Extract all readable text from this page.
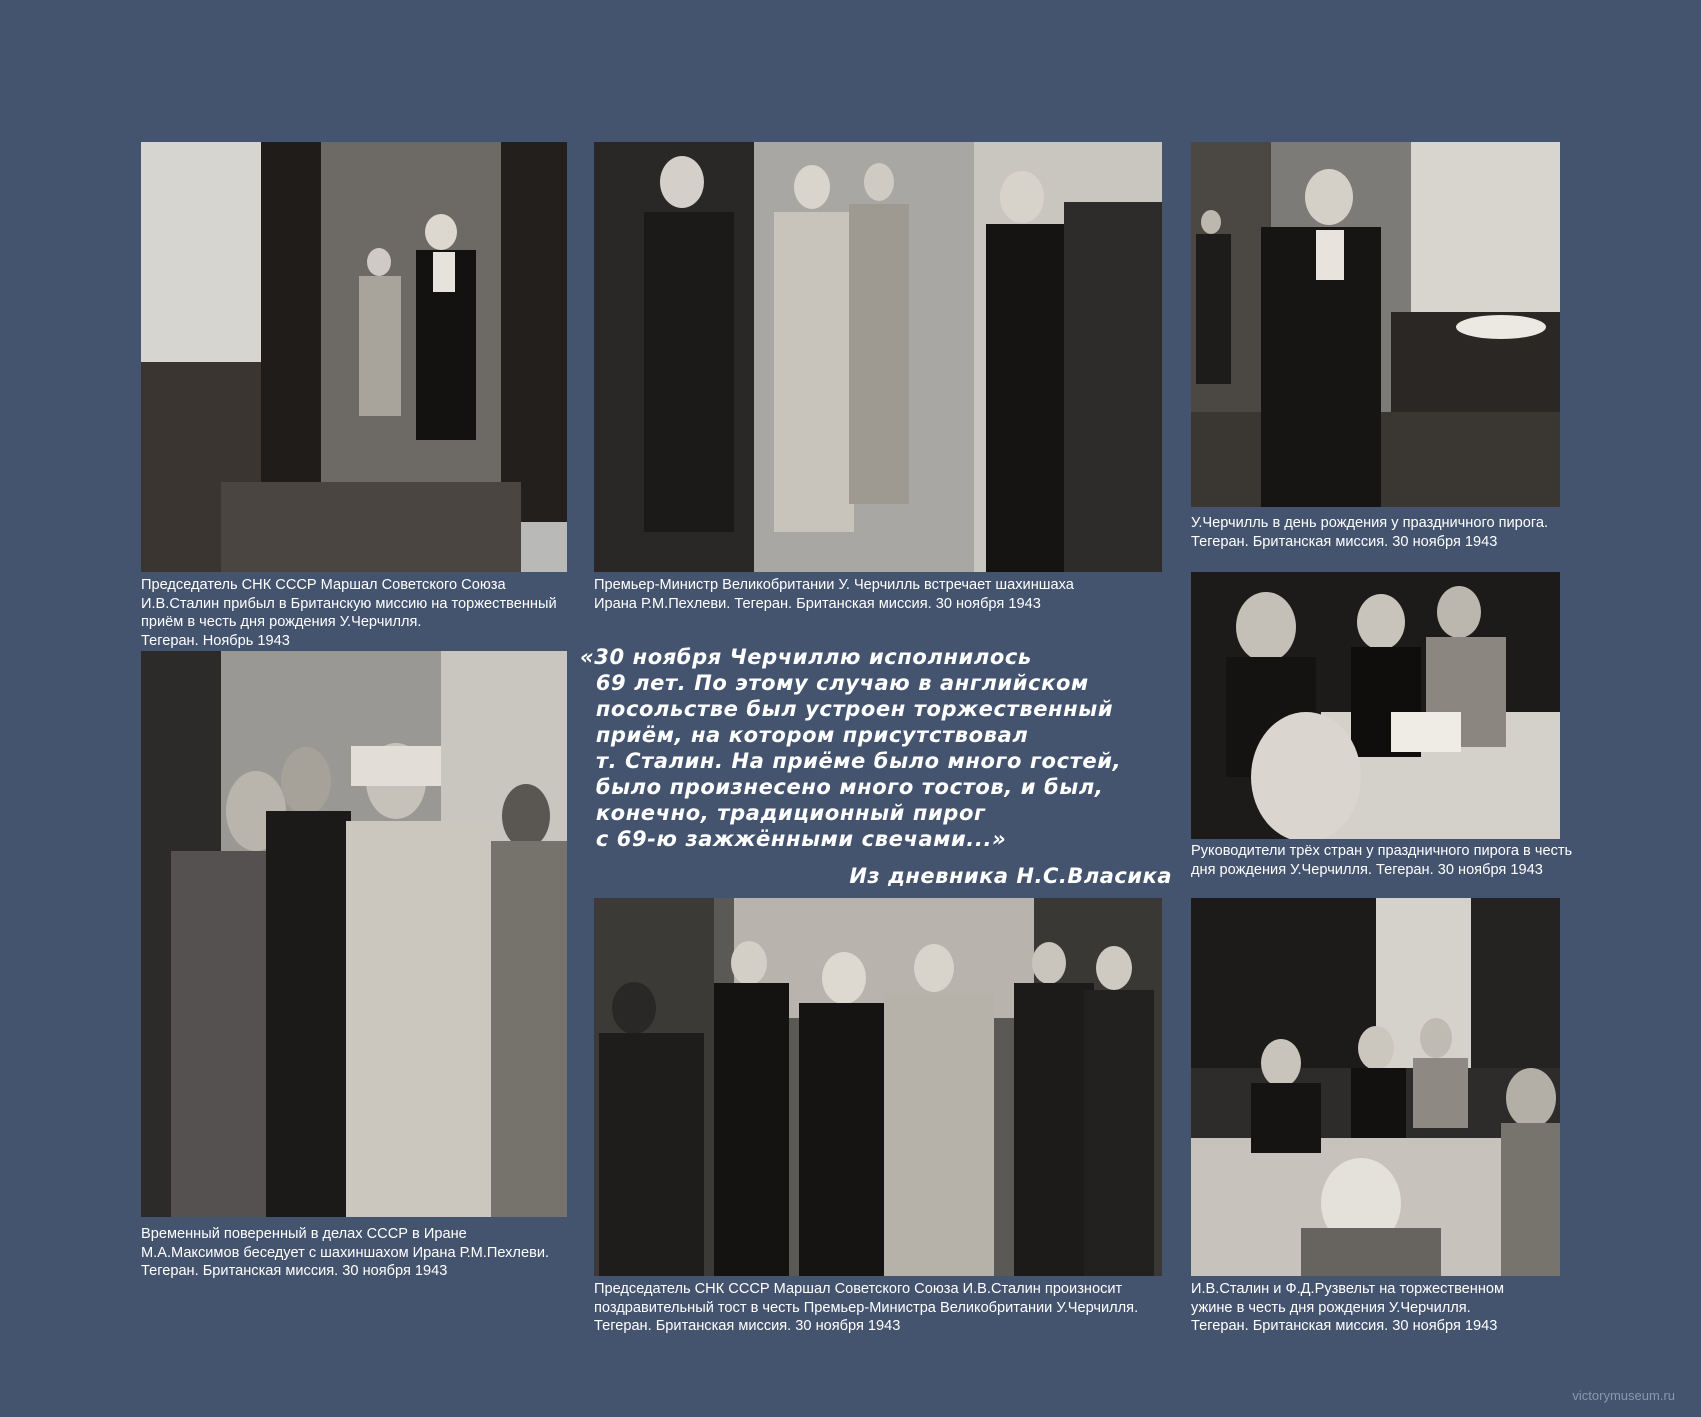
Председатель СНК СССР Маршал Советского Союза
И.В.Сталин прибыл в Британскую миссию на торжественный
приём в честь дня рождения У.Черчилля.
Тегеран. Ноябрь 1943
Премьер-Министр Великобритании У. Черчилль встречает шахиншаха
Ирана Р.М.Пехлеви. Тегеран. Британская миссия. 30 ноября 1943
У.Черчилль в день рождения у праздничного пирога.
Тегеран. Британская миссия. 30 ноября 1943
Руководители трёх стран у праздничного пирога в честь
дня рождения У.Черчилля. Тегеран. 30 ноября 1943
Временный поверенный в делах СССР в Иране
М.А.Максимов беседует с шахиншахом Ирана Р.М.Пехлеви.
Тегеран. Британская миссия. 30 ноября 1943
«30 ноября Черчиллю исполнилось
69 лет. По этому случаю в английском
посольстве был устроен торжественный
приём, на котором присутствовал
т. Сталин. На приёме было много гостей,
было произнесено много тостов, и был,
конечно, традиционный пирог
с 69-ю зажжёнными свечами...»
Из дневника Н.С.Власика
Председатель СНК СССР Маршал Советского Союза И.В.Сталин произносит
поздравительный тост в честь Премьер-Министра Великобритании У.Черчилля.
Тегеран. Британская миссия. 30 ноября 1943
И.В.Сталин и Ф.Д.Рузвельт на торжественном
ужине в честь дня рождения У.Черчилля.
Тегеран. Британская миссия. 30 ноября 1943
victorymuseum.ru
